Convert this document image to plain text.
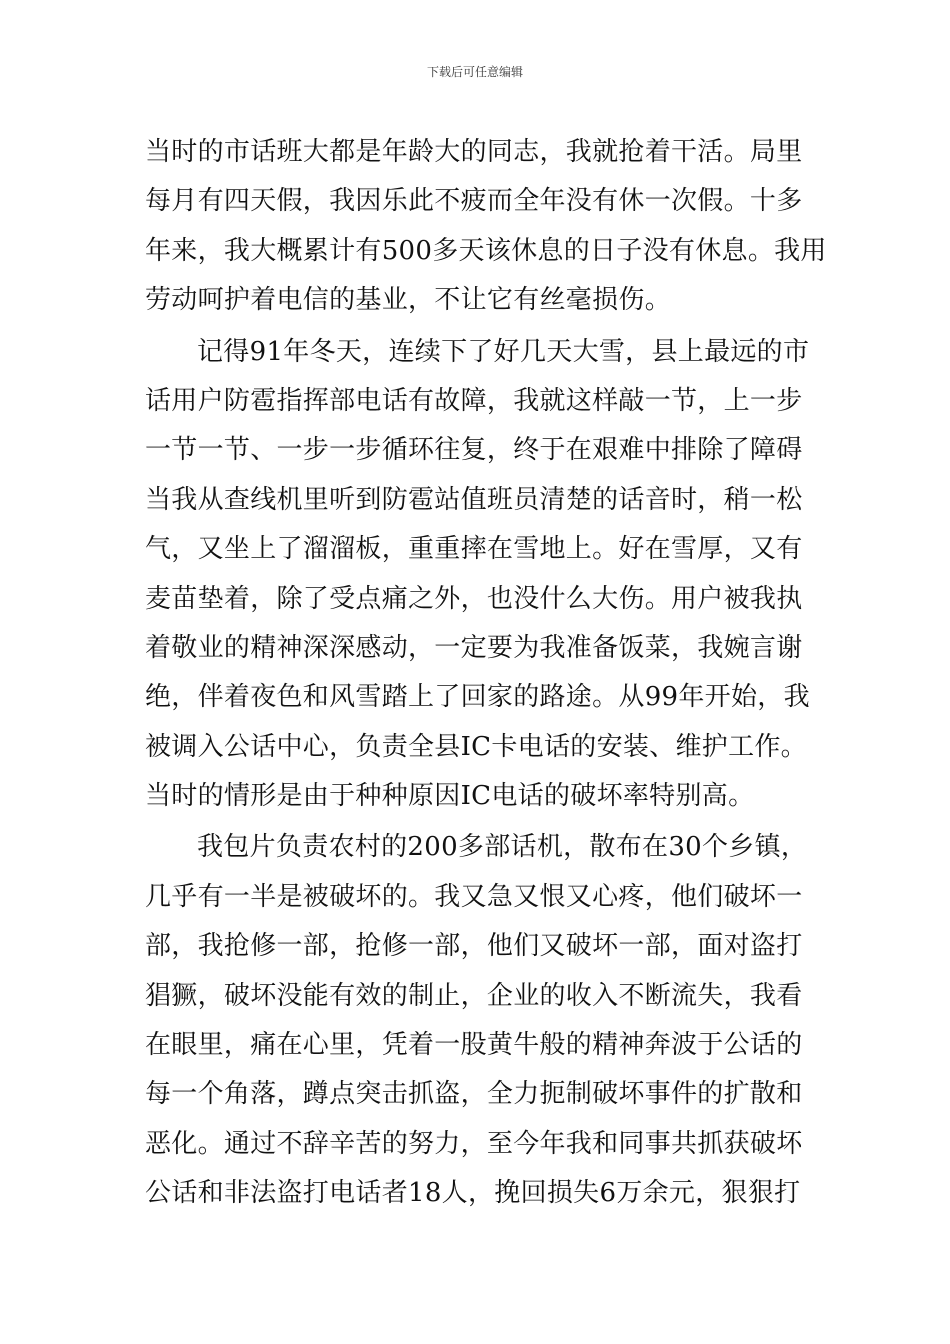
下载后可任意编辑
当时的市话班大都是年龄大的同志，我就抢着干活。局里
每月有四天假，我因乐此不疲而全年没有休一次假。十多
年来，我大概累计有500多天该休息的日子没有休息。我用
劳动呵护着电信的基业，不让它有丝毫损伤。
记得91年冬天，连续下了好几天大雪，县上最远的市
话用户防雹指挥部电话有故障，我就这样敲一节，上一步
一节一节、一步一步循环往复，终于在艰难中排除了障碍
当我从查线机里听到防雹站值班员清楚的话音时，稍一松
气，又坐上了溜溜板，重重摔在雪地上。好在雪厚，又有
麦苗垫着，除了受点痛之外，也没什么大伤。用户被我执
着敬业的精神深深感动，一定要为我准备饭菜，我婉言谢
绝，伴着夜色和风雪踏上了回家的路途。从99年开始，我
被调入公话中心，负责全县IC卡电话的安装、维护工作。
当时的情形是由于种种原因IC电话的破坏率特别高。
我包片负责农村的200多部话机，散布在30个乡镇，
几乎有一半是被破坏的。我又急又恨又心疼，他们破坏一
部，我抢修一部，抢修一部，他们又破坏一部，面对盗打
猖獗，破坏没能有效的制止，企业的收入不断流失，我看
在眼里，痛在心里，凭着一股黄牛般的精神奔波于公话的
每一个角落，蹲点突击抓盗，全力扼制破坏事件的扩散和
恶化。通过不辞辛苦的努力，至今年我和同事共抓获破坏
公话和非法盗打电话者18人，挽回损失6万余元，狠狠打
